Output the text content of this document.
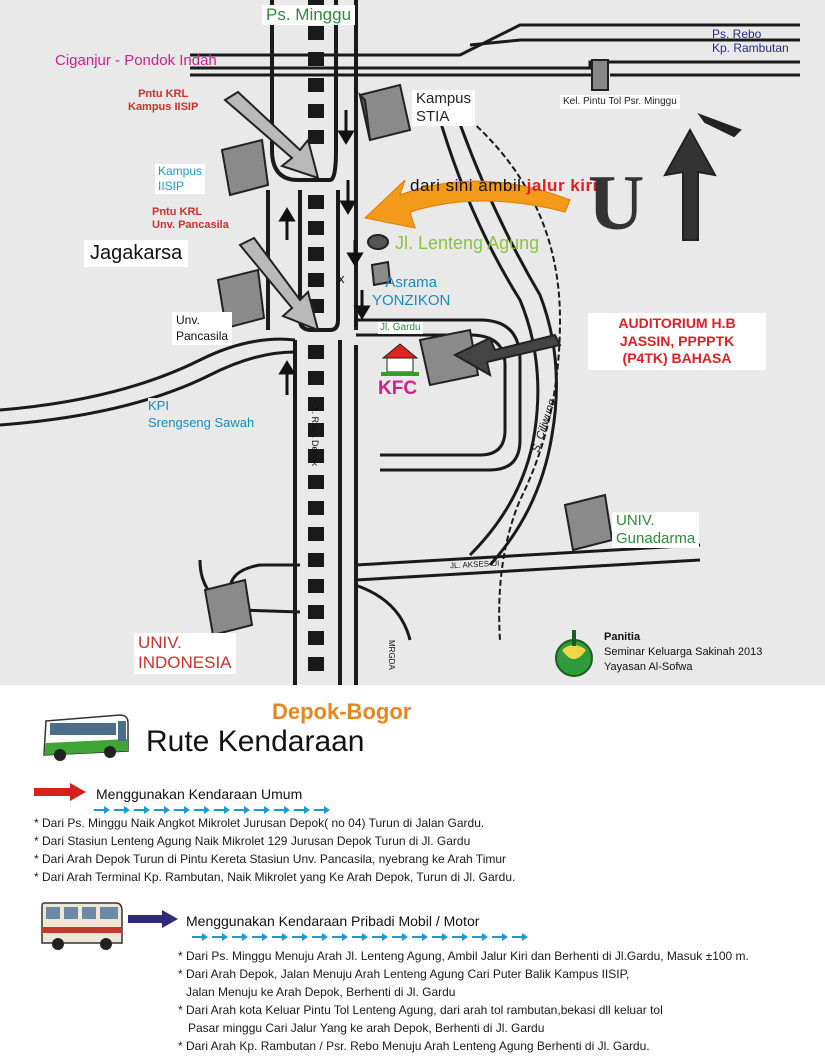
Ps. Minggu
Ciganjur - Pondok Indah
Ps. Rebo
Kp. Rambutan
Kel. Pintu Tol Psr. Minggu
Pntu KRL
Kampus IISIP
Kampus
STIA
Kampus
IISIP	dari sini ambil jalur kiri
U
Pntu KRL
Unv. Pancasila
Jagakarsa	Jl. Lenteng Agung
x	Asrama
YONZIKON
Jl. Gardu
Unv.
Pancasila
AUDITORIUM H.B
JASSIN, PPPPTK
(P4TK) BAHASA
KFC
Jl. Raya Depok	S. Ciliwung
KPI
Srengseng Sawah
UNIV.
Gunadarma
JL. AKSES UI
UNIV.
INDONESIA	MRGDA
Panitia
Seminar Keluarga Sakinah 2013
Yayasan Al-Sofwa
Depok-Bogor
Rute Kendaraan
Menggunakan Kendaraan Umum
* Dari Ps. Minggu Naik Angkot Mikrolet Jurusan Depok( no 04) Turun di Jalan Gardu.
* Dari Stasiun Lenteng Agung Naik Mikrolet 129 Jurusan Depok Turun di Jl. Gardu
* Dari Arah Depok Turun di Pintu Kereta Stasiun Unv. Pancasila, nyebrang ke Arah Timur
* Dari Arah Terminal Kp. Rambutan, Naik Mikrolet yang Ke Arah Depok, Turun di Jl. Gardu.
Menggunakan Kendaraan Pribadi Mobil / Motor
* Dari Ps. Minggu Menuju Arah Jl. Lenteng Agung, Ambil Jalur Kiri dan Berhenti di Jl.Gardu, Masuk ±100 m.
* Dari Arah Depok, Jalan Menuju Arah Lenteng Agung Cari Puter Balik Kampus IISIP,
Jalan Menuju ke Arah Depok, Berhenti di Jl. Gardu
* Dari Arah kota Keluar Pintu Tol Lenteng Agung, dari arah tol rambutan,bekasi dll keluar tol
Pasar minggu Cari Jalur Yang ke arah Depok, Berhenti di Jl. Gardu
* Dari Arah Kp. Rambutan / Psr. Rebo Menuju Arah Lenteng Agung Berhenti di Jl. Gardu.
